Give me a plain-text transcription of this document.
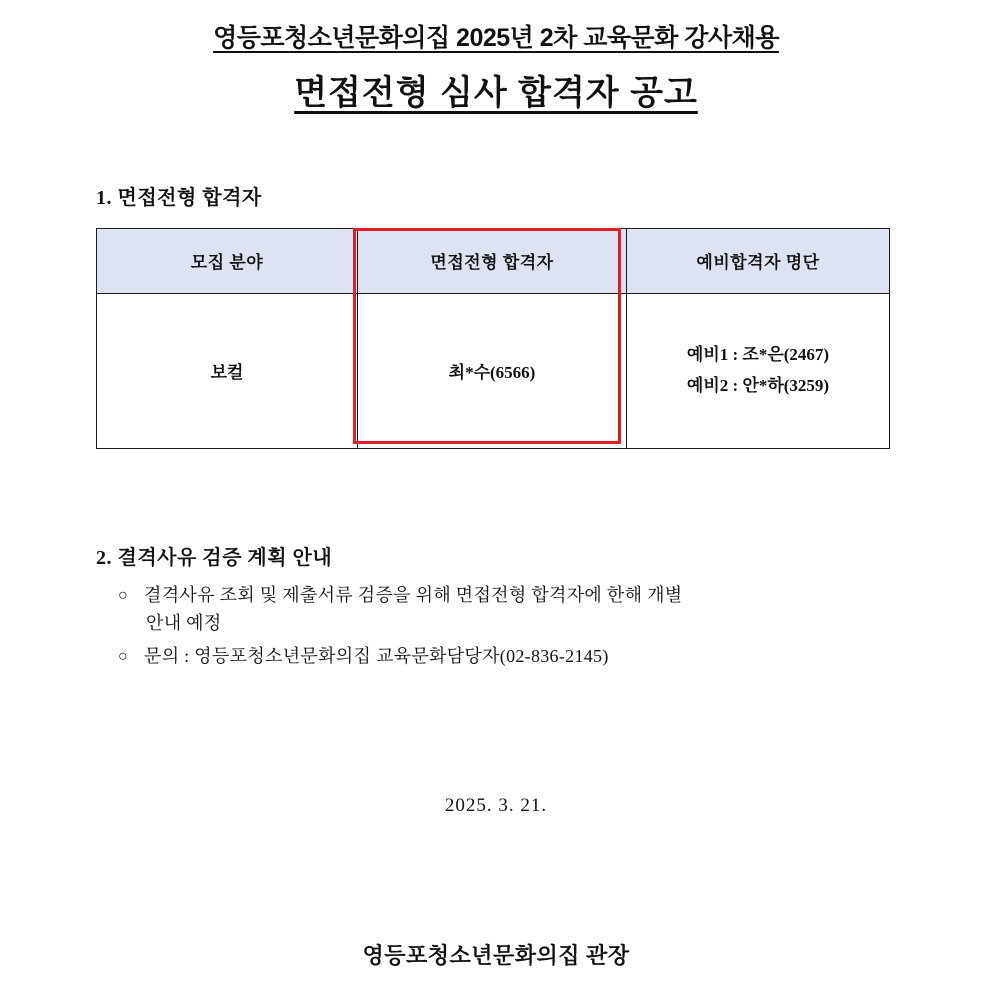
영등포청소년문화의집 2025년 2차 교육문화 강사채용
면접전형 심사 합격자 공고
1. 면접전형 합격자
모집 분야	면접전형 합격자	예비합격자 명단
보컬	최*수(6566)	예비1 : 조*은(2467)
예비2 : 안*하(3259)
2. 결격사유 검증 계획 안내
○ 결격사유 조회 및 제출서류 검증을 위해 면접전형 합격자에 한해 개별
안내 예정
○ 문의 : 영등포청소년문화의집 교육문화담당자(02-836-2145)
2025. 3. 21.
영등포청소년문화의집 관장
